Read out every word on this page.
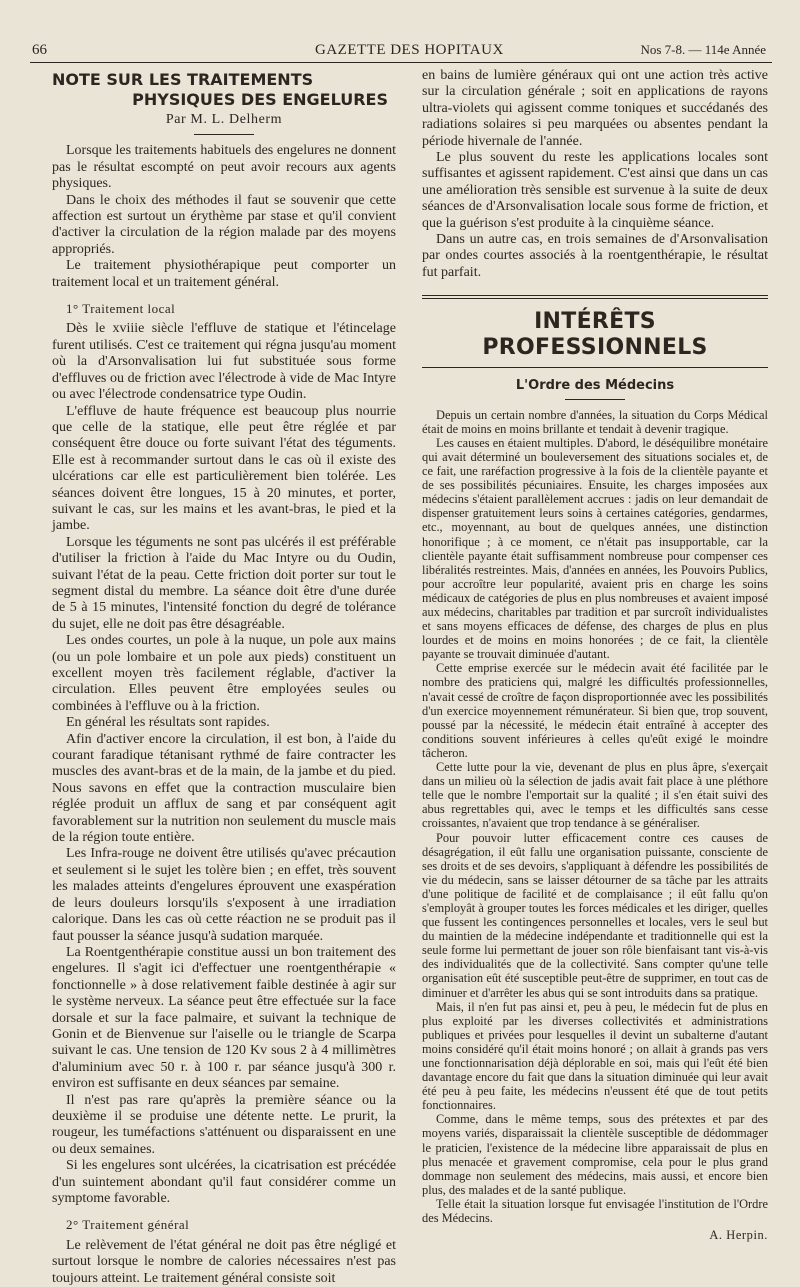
66	GAZETTE DES HOPITAUX	Nos 7-8. — 114e Année
NOTE SUR LES TRAITEMENTS
PHYSIQUES DES ENGELURES
Par M. L. Delherm

Lorsque les traitements habituels des engelures ne donnent pas le résultat escompté on peut avoir recours aux agents physiques.

Dans le choix des méthodes il faut se souvenir que cette affection est surtout un érythème par stase et qu'il convient d'activer la circulation de la région malade par des moyens appropriés.

Le traitement physiothérapique peut comporter un traitement local et un traitement général.

1° Traitement local

Dès le xviiie siècle l'effluve de statique et l'étincelage furent utilisés. C'est ce traitement qui régna jusqu'au moment où la d'Arsonvalisation lui fut substituée sous forme d'effluves ou de friction avec l'électrode à vide de Mac Intyre ou avec l'électrode condensatrice type Oudin.

L'effluve de haute fréquence est beaucoup plus nourrie que celle de la statique, elle peut être réglée et par conséquent être douce ou forte suivant l'état des téguments. Elle est à recommander surtout dans le cas où il existe des ulcérations car elle est particulièrement bien tolérée. Les séances doivent être longues, 15 à 20 minutes, et porter, suivant le cas, sur les mains et les avant-bras, le pied et la jambe.

Lorsque les téguments ne sont pas ulcérés il est préférable d'utiliser la friction à l'aide du Mac Intyre ou du Oudin, suivant l'état de la peau. Cette friction doit porter sur tout le segment distal du membre. La séance doit être d'une durée de 5 à 15 minutes, l'intensité fonction du degré de tolérance du sujet, elle ne doit pas être désagréable.

Les ondes courtes, un pole à la nuque, un pole aux mains (ou un pole lombaire et un pole aux pieds) constituent un excellent moyen très facilement réglable, d'activer la circulation. Elles peuvent être employées seules ou combinées à l'effluve ou à la friction.

En général les résultats sont rapides.

Afin d'activer encore la circulation, il est bon, à l'aide du courant faradique tétanisant rythmé de faire contracter les muscles des avant-bras et de la main, de la jambe et du pied. Nous savons en effet que la contraction musculaire bien réglée produit un afflux de sang et par conséquent agit favorablement sur la nutrition non seulement du muscle mais de la région toute entière.

Les Infra-rouge ne doivent être utilisés qu'avec précaution et seulement si le sujet les tolère bien ; en effet, très souvent les malades atteints d'engelures éprouvent une exaspération de leurs douleurs lorsqu'ils s'exposent à une irradiation calorique. Dans les cas où cette réaction ne se produit pas il faut pousser la séance jusqu'à sudation marquée.

La Roentgenthérapie constitue aussi un bon traitement des engelures. Il s'agit ici d'effectuer une roentgenthérapie « fonctionnelle » à dose relativement faible destinée à agir sur le système nerveux. La séance peut être effectuée sur la face dorsale et sur la face palmaire, et suivant la technique de Gonin et de Bienvenue sur l'aiselle ou le triangle de Scarpa suivant le cas. Une tension de 120 Kv sous 2 à 4 millimètres d'aluminium avec 50 r. à 100 r. par séance jusqu'à 300 r. environ est suffisante en deux séances par semaine.

Il n'est pas rare qu'après la première séance ou la deuxième il se produise une détente nette. Le prurit, la rougeur, les tuméfactions s'atténuent ou disparaissent en une ou deux semaines.

Si les engelures sont ulcérées, la cicatrisation est précédée d'un suintement abondant qu'il faut considérer comme un symptome favorable.

2° Traitement général

Le relèvement de l'état général ne doit pas être négligé et surtout lorsque le nombre de calories nécessaires n'est pas toujours atteint. Le traitement général consiste soit

en bains de lumière généraux qui ont une action très active sur la circulation générale ; soit en applications de rayons ultra-violets qui agissent comme toniques et succédanés des radiations solaires si peu marquées ou absentes pendant la période hivernale de l'année.

Le plus souvent du reste les applications locales sont suffisantes et agissent rapidement. C'est ainsi que dans un cas une amélioration très sensible est survenue à la suite de deux séances de d'Arsonvalisation locale sous forme de friction, et que la guérison s'est produite à la cinquième séance.

Dans un autre cas, en trois semaines de d'Arsonvalisation par ondes courtes associés à la roentgenthérapie, le résultat fut parfait.

INTÉRÊTS PROFESSIONNELS
L'Ordre des Médecins

Depuis un certain nombre d'années, la situation du Corps Médical était de moins en moins brillante et tendait à devenir tragique.

Les causes en étaient multiples. D'abord, le déséquilibre monétaire qui avait déterminé un bouleversement des situations sociales et, de ce fait, une raréfaction progressive à la fois de la clientèle payante et de ses possibilités pécuniaires. Ensuite, les charges imposées aux médecins s'étaient parallèlement accrues : jadis on leur demandait de dispenser gratuitement leurs soins à certaines catégories, gendarmes, etc., moyennant, au bout de quelques années, une distinction honorifique ; à ce moment, ce n'était pas insupportable, car la clientèle payante était suffisamment nombreuse pour compenser ces libéralités restreintes. Mais, d'années en années, les Pouvoirs Publics, pour accroître leur popularité, avaient pris en charge les soins médicaux de catégories de plus en plus nombreuses et avaient imposé aux médecins, charitables par tradition et par surcroît individualistes et sans moyens efficaces de défense, des charges de plus en plus lourdes et de moins en moins honorées ; de ce fait, la clientèle payante se trouvait diminuée d'autant.

Cette emprise exercée sur le médecin avait été facilitée par le nombre des praticiens qui, malgré les difficultés professionnelles, n'avait cessé de croître de façon disproportionnée avec les possibilités d'un exercice moyennement rémunérateur. Si bien que, trop souvent, poussé par la nécessité, le médecin était entraîné à accepter des conditions souvent inférieures à celles qu'eût exigé le moindre tâcheron.

Cette lutte pour la vie, devenant de plus en plus âpre, s'exerçait dans un milieu où la sélection de jadis avait fait place à une pléthore telle que le nombre l'emportait sur la qualité ; il s'en était suivi des abus regrettables qui, avec le temps et les difficultés sans cesse croissantes, n'avaient que trop tendance à se généraliser.

Pour pouvoir lutter efficacement contre ces causes de désagrégation, il eût fallu une organisation puissante, consciente de ses droits et de ses devoirs, s'appliquant à défendre les possibilités de vie du médecin, sans se laisser détourner de sa tâche par les attraits d'une politique de facilité et de complaisance ; il eût fallu qu'on s'employât à grouper toutes les forces médicales et les diriger, quelles que fussent les contingences personnelles et locales, vers le seul but du maintien de la médecine indépendante et traditionnelle qui est la seule forme lui permettant de jouer son rôle bienfaisant tant vis-à-vis des individualités que de la collectivité. Sans compter qu'une telle organisation eût été susceptible peut-être de supprimer, en tout cas de diminuer et d'arrêter les abus qui se sont introduits dans sa pratique.

Mais, il n'en fut pas ainsi et, peu à peu, le médecin fut de plus en plus exploité par les diverses collectivités et administrations publiques et privées pour lesquelles il devint un subalterne d'autant moins considéré qu'il était moins honoré ; on allait à grands pas vers une fonctionnarisation déjà déplorable en soi, mais qui l'eût été bien davantage encore du fait que dans la situation diminuée qui leur avait été peu à peu faite, les médecins n'eussent été que de tout petits fonctionnaires.

Comme, dans le même temps, sous des prétextes et par des moyens variés, disparaissait la clientèle susceptible de dédommager le praticien, l'existence de la médecine libre apparaissait de plus en plus menacée et gravement compromise, cela pour le plus grand dommage non seulement des médecins, mais aussi, et encore bien plus, des malades et de la santé publique.

Telle était la situation lorsque fut envisagée l'institution de l'Ordre des Médecins.

A. Herpin.
